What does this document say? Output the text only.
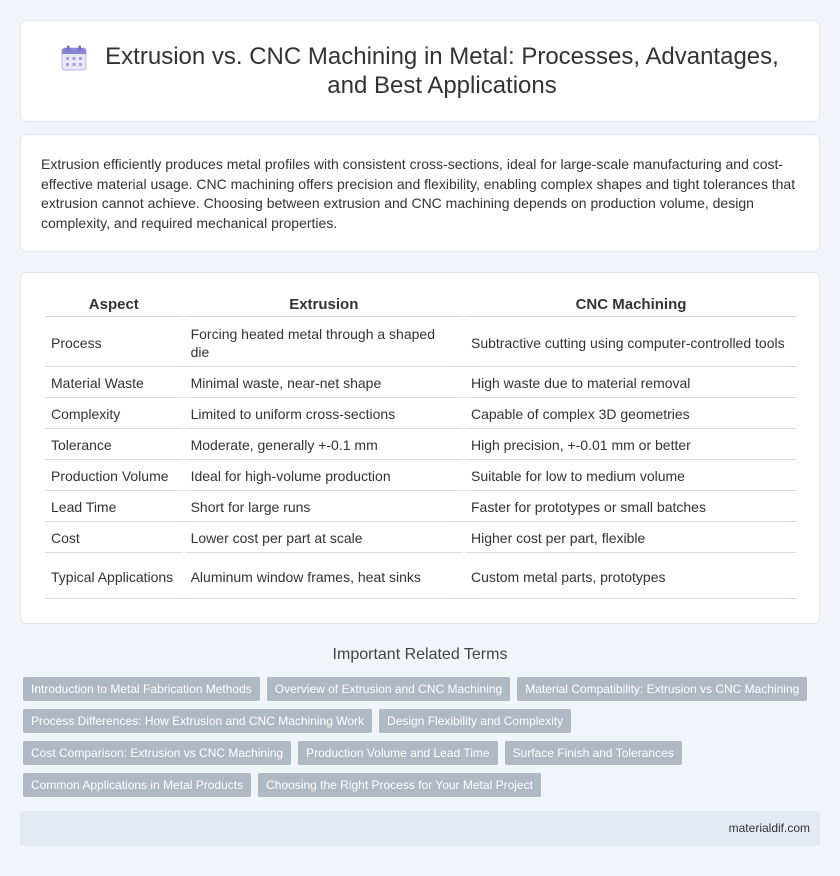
Extrusion vs. CNC Machining in Metal: Processes, Advantages, and Best Applications

Extrusion efficiently produces metal profiles with consistent cross-sections, ideal for large-scale manufacturing and cost-effective material usage. CNC machining offers precision and flexibility, enabling complex shapes and tight tolerances that extrusion cannot achieve. Choosing between extrusion and CNC machining depends on production volume, design complexity, and required mechanical properties.

Aspect	Extrusion	CNC Machining
Process	Forcing heated metal through a shaped die	Subtractive cutting using computer-controlled tools
Material Waste	Minimal waste, near-net shape	High waste due to material removal
Complexity	Limited to uniform cross-sections	Capable of complex 3D geometries
Tolerance	Moderate, generally +-0.1 mm	High precision, +-0.01 mm or better
Production Volume	Ideal for high-volume production	Suitable for low to medium volume
Lead Time	Short for large runs	Faster for prototypes or small batches
Cost	Lower cost per part at scale	Higher cost per part, flexible
Typical Applications	Aluminum window frames, heat sinks	Custom metal parts, prototypes
Important Related Terms
Introduction to Metal Fabrication Methods	Overview of Extrusion and CNC Machining	Material Compatibility: Extrusion vs CNC Machining
Process Differences: How Extrusion and CNC Machining Work	Design Flexibility and Complexity
Cost Comparison: Extrusion vs CNC Machining	Production Volume and Lead Time	Surface Finish and Tolerances
Common Applications in Metal Products	Choosing the Right Process for Your Metal Project
materialdif.com
